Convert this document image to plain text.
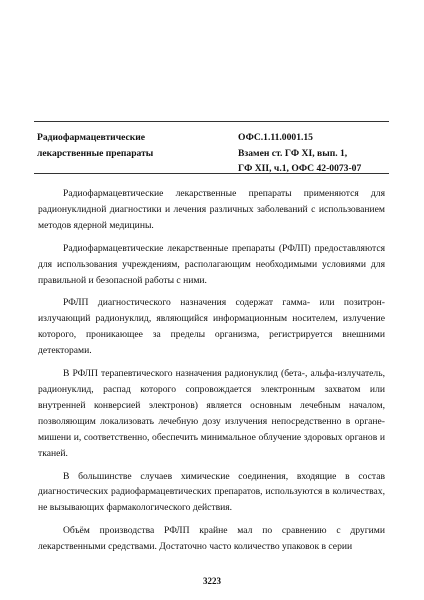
Радиофармацевтические
лекарственные препараты
ОФС.1.11.0001.15
Взамен ст. ГФ XI, вып. 1,
ГФ XII, ч.1, ОФС 42-0073-07

Радиофармацевтические лекарственные препараты применяются для радионуклидной диагностики и лечения различных заболеваний с использованием методов ядерной медицины.

Радиофармацевтические лекарственные препараты (РФЛП) предоставляются для использования учреждениям, располагающим необходимыми условиями для правильной и безопасной работы с ними.

РФЛП диагностического назначения содержат гамма- или позитрон-излучающий радионуклид, являющийся информационным носителем, излучение которого, проникающее за пределы организма, регистрируется внешними детекторами.

В РФЛП терапевтического назначения радионуклид (бета-, альфа-излучатель, радионуклид, распад которого сопровождается электронным захватом или внутренней конверсией электронов) является основным лечебным началом, позволяющим локализовать лечебную дозу излучения непосредственно в органе-мишени и, соответственно, обеспечить минимальное облучение здоровых органов и тканей.

В большинстве случаев химические соединения, входящие в состав диагностических радиофармацевтических препаратов, используются в количествах, не вызывающих фармакологического действия.

Объём производства РФЛП крайне мал по сравнению с другими лекарственными средствами. Достаточно часто количество упаковок в серии

3223
